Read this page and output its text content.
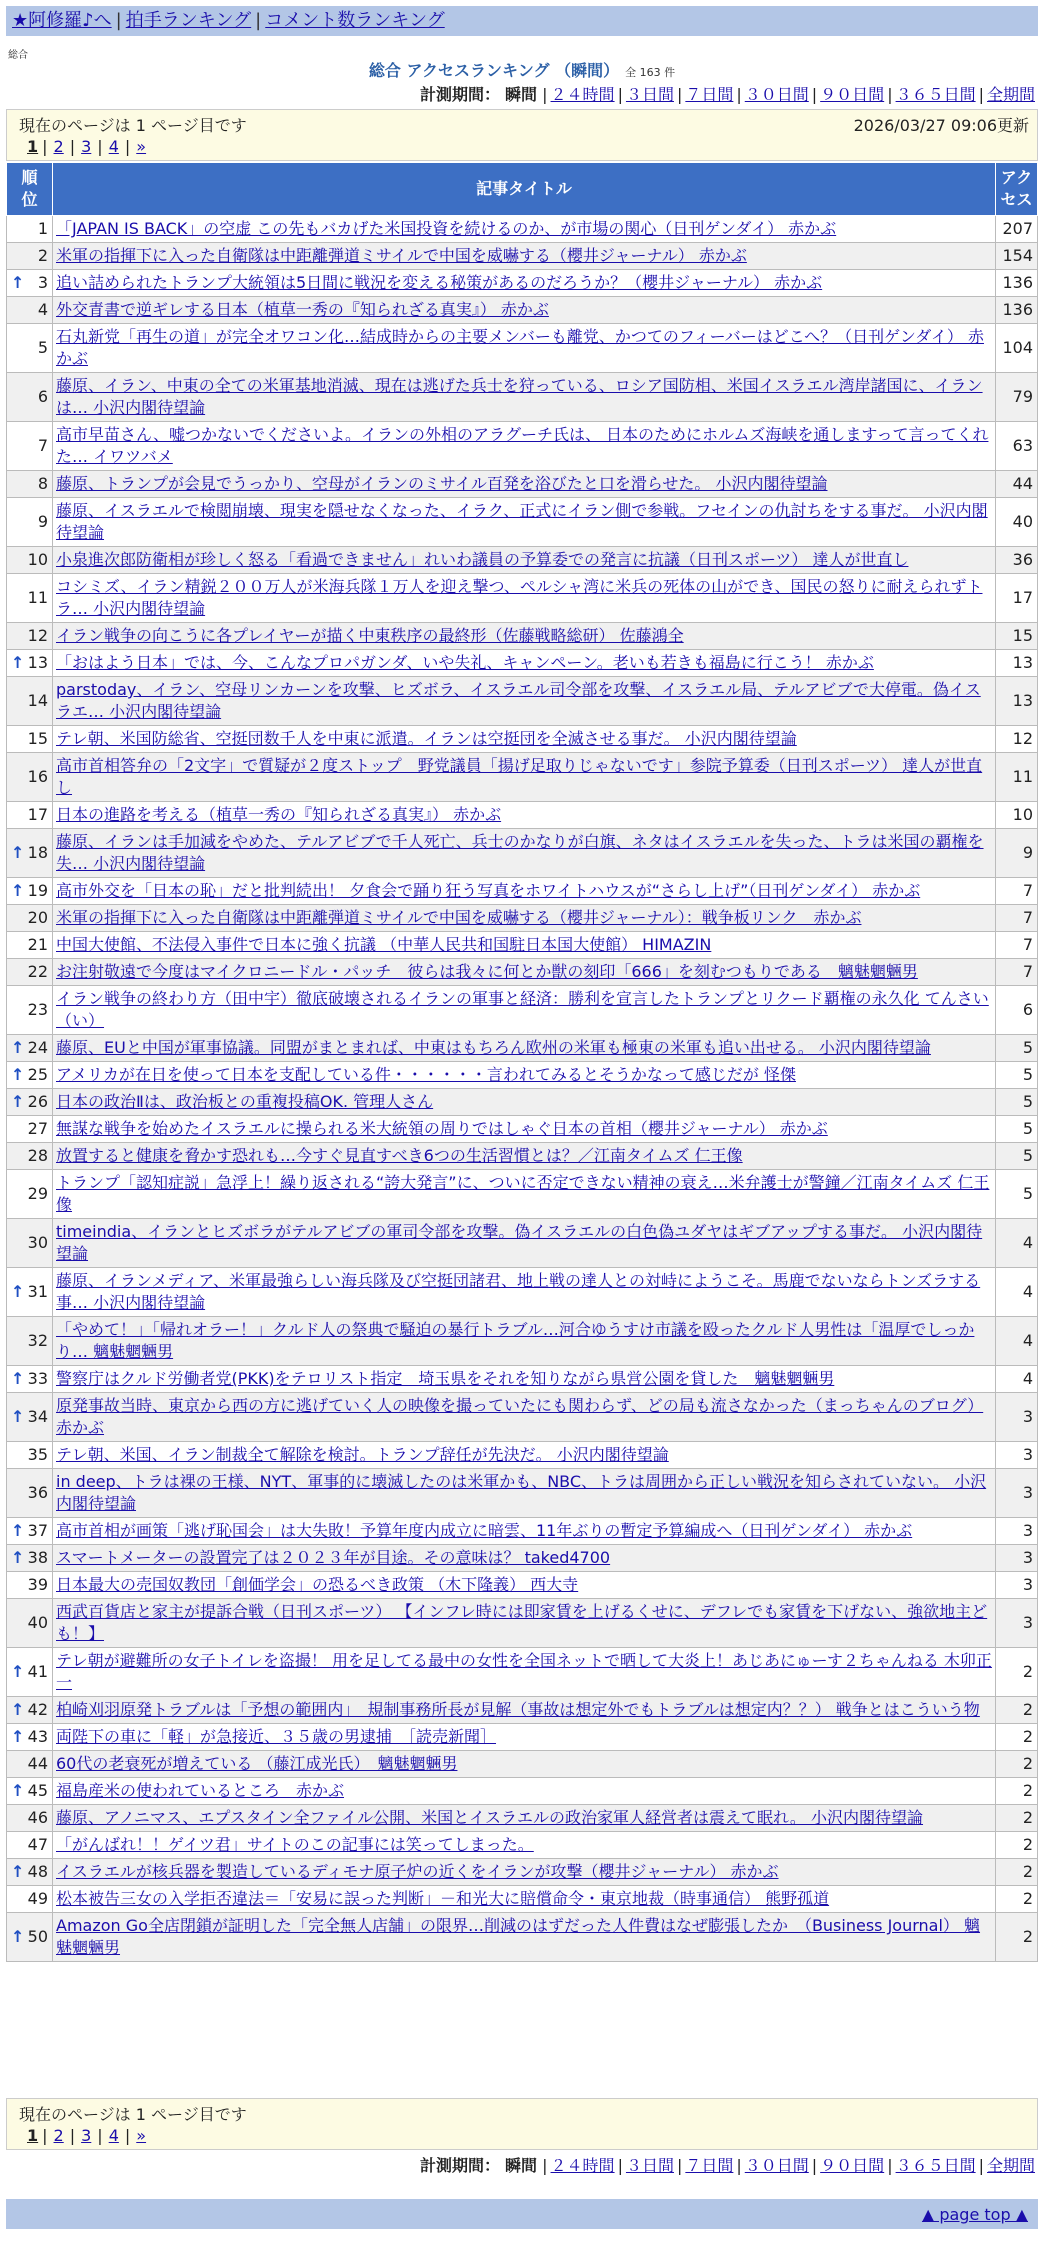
★阿修羅♪へ | 拍手ランキング | コメント数ランキング
総合
総合 アクセスランキング （瞬間） 全 163 件
計測期間： 瞬間 | ２４時間 | ３日間 | ７日間 | ３０日間 | ９０日間 | ３６５日間 | 全期間
現在のページは 1 ページ目です	2026/03/27 09:06更新
1 | 2 | 3 | 4 | »
順位	記事タイトル	アクセス
1	「JAPAN IS BACK」の空虚 この先もバカげた米国投資を続けるのか、が市場の関心（日刊ゲンダイ） 赤かぶ	207
2	米軍の指揮下に入った自衛隊は中距離弾道ミサイルで中国を威嚇する（櫻井ジャーナル） 赤かぶ	154

↑ 3	追い詰められたトランプ大統領は5日間に戦況を変える秘策があるのだろうか？（櫻井ジャーナル） 赤かぶ	136
4	外交青書で逆ギレする日本（植草一秀の『知られざる真実』） 赤かぶ	136
5	石丸新党「再生の道」が完全オワコン化…結成時からの主要メンバーも離党、かつてのフィーバーはどこへ？（日刊ゲンダイ） 赤かぶ	104
6	藤原、イラン、中東の全ての米軍基地消滅、現在は逃げた兵士を狩っている、ロシア国防相、米国イスラエル湾岸諸国に、イランは… 小沢内閣待望論	79
7	高市早苗さん、嘘つかないでくださいよ。イランの外相のアラグーチ氏は、 日本のためにホルムズ海峡を通しますって言ってくれた… イワツバメ	63
8	藤原、トランプが会見でうっかり、空母がイランのミサイル百発を浴びたと口を滑らせた。 小沢内閣待望論	44
9	藤原、イスラエルで検閲崩壊、現実を隠せなくなった、イラク、正式にイラン側で参戦。フセインの仇討ちをする事だ。 小沢内閣待望論	40
10	小泉進次郎防衛相が珍しく怒る「看過できません」れいわ議員の予算委での発言に抗議（日刊スポーツ） 達人が世直し	36
11	コシミズ、イラン精鋭２００万人が米海兵隊１万人を迎え撃つ、ペルシャ湾に米兵の死体の山ができ、国民の怒りに耐えられずトラ… 小沢内閣待望論	17
12	イラン戦争の向こうに各プレイヤーが描く中東秩序の最終形（佐藤戦略総研） 佐藤鴻全	15

↑ 13	「おはよう日本」では、今、こんなプロパガンダ、いや失礼、キャンペーン。老いも若きも福島に行こう！ 赤かぶ	13
14	parstoday、イラン、空母リンカーンを攻撃、ヒズボラ、イスラエル司令部を攻撃、イスラエル局、テルアビブで大停電。偽イスラエ… 小沢内閣待望論	13
15	テレ朝、米国防総省、空挺団数千人を中東に派遣。イランは空挺団を全滅させる事だ。 小沢内閣待望論	12
16	高市首相答弁の「2文字」で質疑が２度ストップ　野党議員「揚げ足取りじゃないです」参院予算委（日刊スポーツ） 達人が世直し	11
17	日本の進路を考える（植草一秀の『知られざる真実』） 赤かぶ	10

↑ 18	藤原、イランは手加減をやめた、テルアビブで千人死亡、兵士のかなりが白旗、ネタはイスラエルを失った、トラは米国の覇権を失… 小沢内閣待望論	9

↑ 19	高市外交を「日本の恥」だと批判続出！ 夕食会で踊り狂う写真をホワイトハウスが“さらし上げ”（日刊ゲンダイ） 赤かぶ	7
20	米軍の指揮下に入った自衛隊は中距離弾道ミサイルで中国を威嚇する（櫻井ジャーナル）：戦争板リンク　赤かぶ	7
21	中国大使館、不法侵入事件で日本に強く抗議 （中華人民共和国駐日本国大使館） HIMAZIN	7
22	お注射敬遠で今度はマイクロニードル・パッチ　彼らは我々に何とか獣の刻印「666」を刻むつもりである　魑魅魍魎男	7
23	イラン戦争の終わり方（田中宇）徹底破壊されるイランの軍事と経済：勝利を宣言したトランプとリクード覇権の永久化 てんさい（い）	6

↑ 24	藤原、EUと中国が軍事協議。同盟がまとまれば、中東はもちろん欧州の米軍も極東の米軍も追い出せる。 小沢内閣待望論	5

↑ 25	アメリカが在日を使って日本を支配している件・・・・・・言われてみるとそうかなって感じだが 怪傑	5

↑ 26	日本の政治Ⅱは、政治板との重複投稿OK. 管理人さん	5
27	無謀な戦争を始めたイスラエルに操られる米大統領の周りではしゃぐ日本の首相（櫻井ジャーナル） 赤かぶ	5
28	放置すると健康を脅かす恐れも…今すぐ見直すべき6つの生活習慣とは？／江南タイムズ 仁王像	5
29	トランプ「認知症説」急浮上！繰り返される“誇大発言”に、ついに否定できない精神の衰え…米弁護士が警鐘／江南タイムズ 仁王像	5
30	timeindia、イランとヒズボラがテルアビブの軍司令部を攻撃。偽イスラエルの白色偽ユダヤはギブアップする事だ。 小沢内閣待望論	4

↑ 31	藤原、イランメディア、米軍最強らしい海兵隊及び空挺団諸君、地上戦の達人との対峙にようこそ。馬鹿でないならトンズラする事… 小沢内閣待望論	4
32	「やめて！」「帰れオラー！」クルド人の祭典で騒迫の暴行トラブル…河合ゆうすけ市議を殴ったクルド人男性は「温厚でしっかり… 魑魅魍魎男	4

↑ 33	警察庁はクルド労働者党(PKK)をテロリスト指定　埼玉県をそれを知りながら県営公園を貸した　魑魅魍魎男	4

↑ 34	原発事故当時、東京から西の方に逃げていく人の映像を撮っていたにも関わらず、どの局も流さなかった（まっちゃんのブログ） 赤かぶ	3
35	テレ朝、米国、イラン制裁全て解除を検討。トランプ辞任が先決だ。 小沢内閣待望論	3
36	in deep、トラは裸の王様、NYT、軍事的に壊滅したのは米軍かも、NBC、トラは周囲から正しい戦況を知らされていない。 小沢内閣待望論	3

↑ 37	高市首相が画策「逃げ恥国会」は大失敗！予算年度内成立に暗雲、11年ぶりの暫定予算編成へ（日刊ゲンダイ） 赤かぶ	3

↑ 38	スマートメーターの設置完了は２０２３年が目途。その意味は？ taked4700	3
39	日本最大の売国奴教団「創価学会」の恐るべき政策 （木下隆義） 西大寺	3
40	西武百貨店と家主が提訴合戦（日刊スポーツ） 【インフレ時には即家賃を上げるくせに、デフレでも家賃を下げない、強欲地主ども！】	3

↑ 41	テレ朝が避難所の女子トイレを盗撮！ 用を足してる最中の女性を全国ネットで晒して大炎上！あじあにゅーす２ちゃんねる 木卯正一	2

↑ 42	柏崎刈羽原発トラブルは「予想の範囲内」　規制事務所長が見解（事故は想定外でもトラブルは想定内？？） 戦争とはこういう物	2

↑ 43	両陛下の車に「軽」が急接近、３５歳の男逮捕　［読売新聞］	2
44	60代の老衰死が増えている （藤江成光氏）　魑魅魍魎男	2

↑ 45	福島産米の使われているところ　赤かぶ	2
46	藤原、アノニマス、エプスタイン全ファイル公開、米国とイスラエルの政治家軍人経営者は震えて眠れ。 小沢内閣待望論	2
47	「がんばれ！！ゲイツ君」サイトのこの記事には笑ってしまった。	2

↑ 48	イスラエルが核兵器を製造しているディモナ原子炉の近くをイランが攻撃（櫻井ジャーナル） 赤かぶ	2
49	松本被告三女の入学拒否違法＝「安易に誤った判断」－和光大に賠償命令・東京地裁（時事通信） 熊野孤道	2

↑ 50	Amazon Go全店閉鎖が証明した「完全無人店舗」の限界…削減のはずだった人件費はなぜ膨張したか　（Business Journal） 魑魅魍魎男	2
現在のページは 1 ページ目です
1 | 2 | 3 | 4 | »
計測期間： 瞬間 | ２４時間 | ３日間 | ７日間 | ３０日間 | ９０日間 | ３６５日間 | 全期間
▲ page top ▲
